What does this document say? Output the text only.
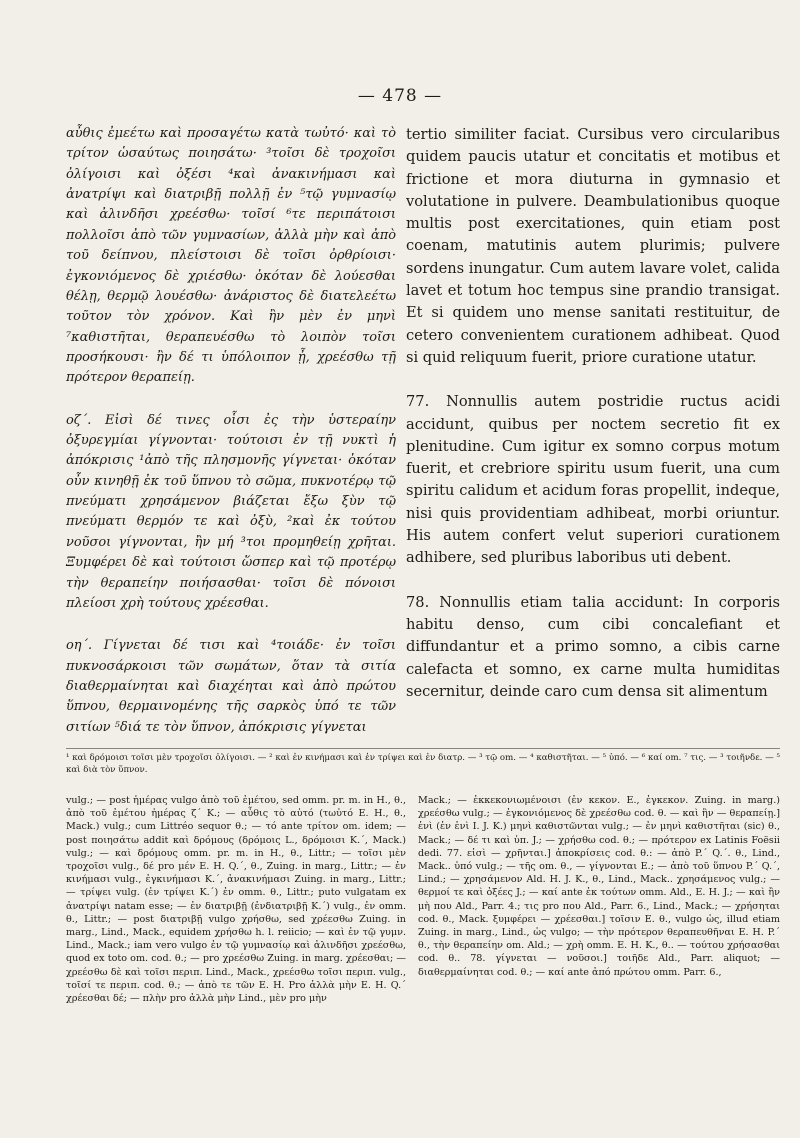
— 478 —

αὖθις ἐμεέτω καὶ προσαγέτω κατὰ τωὐτό· καὶ τὸ τρίτον ὡσαύτως ποιησάτω· ³τοῖσι δὲ τροχοῖσι ὀλίγοισι καὶ ὀξέσι ⁴καὶ ἀνακινήμασι καὶ ἀνατρίψι καὶ διατριβῇ πολλῇ ἐν ⁵τῷ γυμνασίῳ καὶ ἀλινδῆσι χρεέσθω· τοῖσί ⁶τε περιπάτοισι πολλοῖσι ἀπὸ τῶν γυμνασίων, ἀλλὰ μὴν καὶ ἀπὸ τοῦ δείπνου, πλείστοισι δὲ τοῖσι ὀρθρίοισι· ἐγκονιόμενος δὲ χριέσθω· ὁκόταν δὲ λούεσθαι θέλῃ, θερμῷ λουέσθω· ἀνάριστος δὲ διατελεέτω τοῦτον τὸν χρόνον. Καὶ ἢν μὲν ἐν μηνὶ ⁷καθιστῆται, θεραπευέσθω τὸ λοιπὸν τοῖσι προσήκουσι· ἢν δέ τι ὑπόλοιπον ᾖ, χρεέσθω τῇ πρότερον θεραπείῃ.

οζ΄. Εἰσὶ δέ τινες οἷσι ἐς τὴν ὑστεραίην ὀξυρεγμίαι γίγνονται· τούτοισι ἐν τῇ νυκτὶ ἡ ἀπόκρισις ¹ἀπὸ τῆς πλησμονῆς γίγνεται· ὁκόταν οὖν κινηθῇ ἐκ τοῦ ὕπνου τὸ σῶμα, πυκνοτέρῳ τῷ πνεύματι χρησάμενον βιάζεται ἔξω ξὺν τῷ πνεύματι θερμόν τε καὶ ὀξὺ, ²καὶ ἐκ τούτου νοῦσοι γίγνονται, ἢν μή ³τοι προμηθείῃ χρῆται. Ξυμφέρει δὲ καὶ τούτοισι ὥσπερ καὶ τῷ προτέρῳ τὴν θεραπείην ποιήσασθαι· τοῖσι δὲ πόνοισι πλείοσι χρὴ τούτους χρέεσθαι.

οη΄. Γίγνεται δέ τισι καὶ ⁴τοιάδε· ἐν τοῖσι πυκνοσάρκοισι τῶν σωμάτων, ὅταν τὰ σιτία διαθερμαίνηται καὶ διαχέηται καὶ ἀπὸ πρώτου ὕπνου, θερμαινομένης τῆς σαρκὸς ὑπό τε τῶν σιτίων ⁵διά τε τὸν ὕπνον, ἀπόκρισις γίγνεται

tertio similiter faciat. Cursibus vero circularibus quidem paucis utatur et concitatis et motibus et frictione et mora diuturna in gymnasio et volutatione in pulvere. Deambulationibus quoque multis post exercitationes, quin etiam post coenam, matutinis autem plurimis; pulvere sordens inungatur. Cum autem lavare volet, calida lavet et totum hoc tempus sine prandio transigat. Et si quidem uno mense sanitati restituitur, de cetero convenientem curationem adhibeat. Quod si quid reliquum fuerit, priore curatione utatur.

77. Nonnullis autem postridie ructus acidi accidunt, quibus per noctem secretio fit ex plenitudine. Cum igitur ex somno corpus motum fuerit, et crebriore spiritu usum fuerit, una cum spiritu calidum et acidum foras propellit, indeque, nisi quis providentiam adhibeat, morbi oriuntur. His autem confert velut superiori curationem adhibere, sed pluribus laboribus uti debent.

78. Nonnullis etiam talia accidunt: In corporis habitu denso, cum cibi concalefiant et diffundantur et a primo somno, a cibis carne calefacta et somno, ex carne multa humiditas secernitur, deinde caro cum densa sit alimentum

¹ καὶ δρόμοισι τοῖσι μὲν τροχοῖσι ὀλίγοισι. — ² καὶ ἐν κινήμασι καὶ ἐν τρίψει καὶ ἐν διατρ. — ³ τῷ om. — ⁴ καθιστῆται. — ⁵ ὑπό. — ⁶ καί om. ⁷ τις. — ³ τοιῆνδε. — ⁵ καὶ διὰ τὸν ὕπνον.

vulg.; — post ἡμέρας vulgo ἀπὸ τοῦ ἐμέτου, sed omm. pr. m. in H., θ., ἀπὸ τοῦ ἐμέτου ἡμέρας ζ΄ K.; — αὖθις τὸ αὐτό (τωὐτό E. H., θ., Mack.) vulg.; cum Littréo sequor θ.; — τό ante τρίτον om. idem; — post ποιησάτω addit καὶ δρόμους (δρόμοις L., δρόμοισι K.΄, Mack.) vulg.; — καὶ δρόμους omm. pr. m. in H., θ., Littr.; — τοῖσι μὲν τροχοῖσι vulg., δέ pro μέν E. H. Q.΄, θ., Zuing. in marg., Littr.; — ἐν κινήμασι vulg., ἐγκινήμασι K.΄, ἀνακινήμασι Zuing. in marg., Littr.; — τρίψει vulg. (ἐν τρίψει K.΄) ἐν omm. θ., Littr.; puto vulgatam ex ἀνατρίψι natam esse; — ἐν διατριβῇ (ἐνδιατριβῇ K.΄) vulg., ἐν omm. θ., Littr.; — post διατριβῇ vulgo χρήσθω, sed χρέεσθω Zuing. in marg., Lind., Mack., equidem χρήσθω h. l. reiicio; — καὶ ἐν τῷ γυμν. Lind., Mack.; iam vero vulgo ἐν τῷ γυμνασίῳ καὶ ἀλινδῆσι χρεέσθω, quod ex toto om. cod. θ.; — pro χρεέσθω Zuing. in marg. χρέεσθαι; — χρεέσθω δὲ καὶ τοῖσι περιπ. Lind., Mack., χρεέσθω τοῖσι περιπ. vulg., τοῖσί τε περιπ. cod. θ.; — ἀπὸ τε τῶν E. H. Pro ἀλλὰ μὴν E. H. Q.΄ χρέεσθαι δέ; — πλὴν pro ἀλλὰ μὴν Lind., μὲν pro μὴν

Mack.; — ἐκκεκονιωμένοισι (ἐν κεκον. E., ἐγκεκον. Zuing. in marg.) χρεέσθω vulg.; — ἐγκονιόμενος δὲ χρεέσθω cod. θ. — καὶ ἢν — θεραπείῃ.] ἐνὶ (ἐν ἑνὶ I. J. K.) μηνὶ καθιστῶνται vulg.; — ἐν μηνὶ καθιστῆται (sic) θ., Mack.; — δέ τι καὶ ὑπ. J.; — χρήσθω cod. θ.; — πρότερον ex Latinis Foësii dedi. 77. εἰσὶ — χρῆνται.] ἀποκρίσεις cod. θ.: — ἀπὸ P.΄ Q.΄. θ., Lind., Mack.. ὑπό vulg.; — τῆς om. θ., — γίγνονται E.; — ἀπὸ τοῦ ὕπνου P.΄ Q.΄, Lind.; — χρησάμενον Ald. H. J. K., θ., Lind., Mack.. χρησάμενος vulg.; — θερμοί τε καὶ ὀξέες J.; — καί ante ἐκ τούτων omm. Ald., E. H. J.; — καὶ ἢν μὴ που Ald., Parr. 4.; τις pro που Ald., Parr. 6., Lind., Mack.; — χρήσηται cod. θ., Mack. ξυμφέρει — χρέεσθαι.] τοῖσιν E. θ., vulgo ὡς, illud etiam Zuing. in marg., Lind., ὡς vulgo; — τὴν πρότερον θεραπευθῆναι E. H. P.΄ θ., τὴν θεραπείην om. Ald.; — χρὴ omm. E. H. K., θ.. — τούτου χρήσασθαι cod. θ.. 78. γίγνεται — νοῦσοι.] τοιῆδε Ald., Parr. aliquot; — διαθερμαίνηται cod. θ.; — καί ante ἀπό πρώτου omm. Parr. 6.,
